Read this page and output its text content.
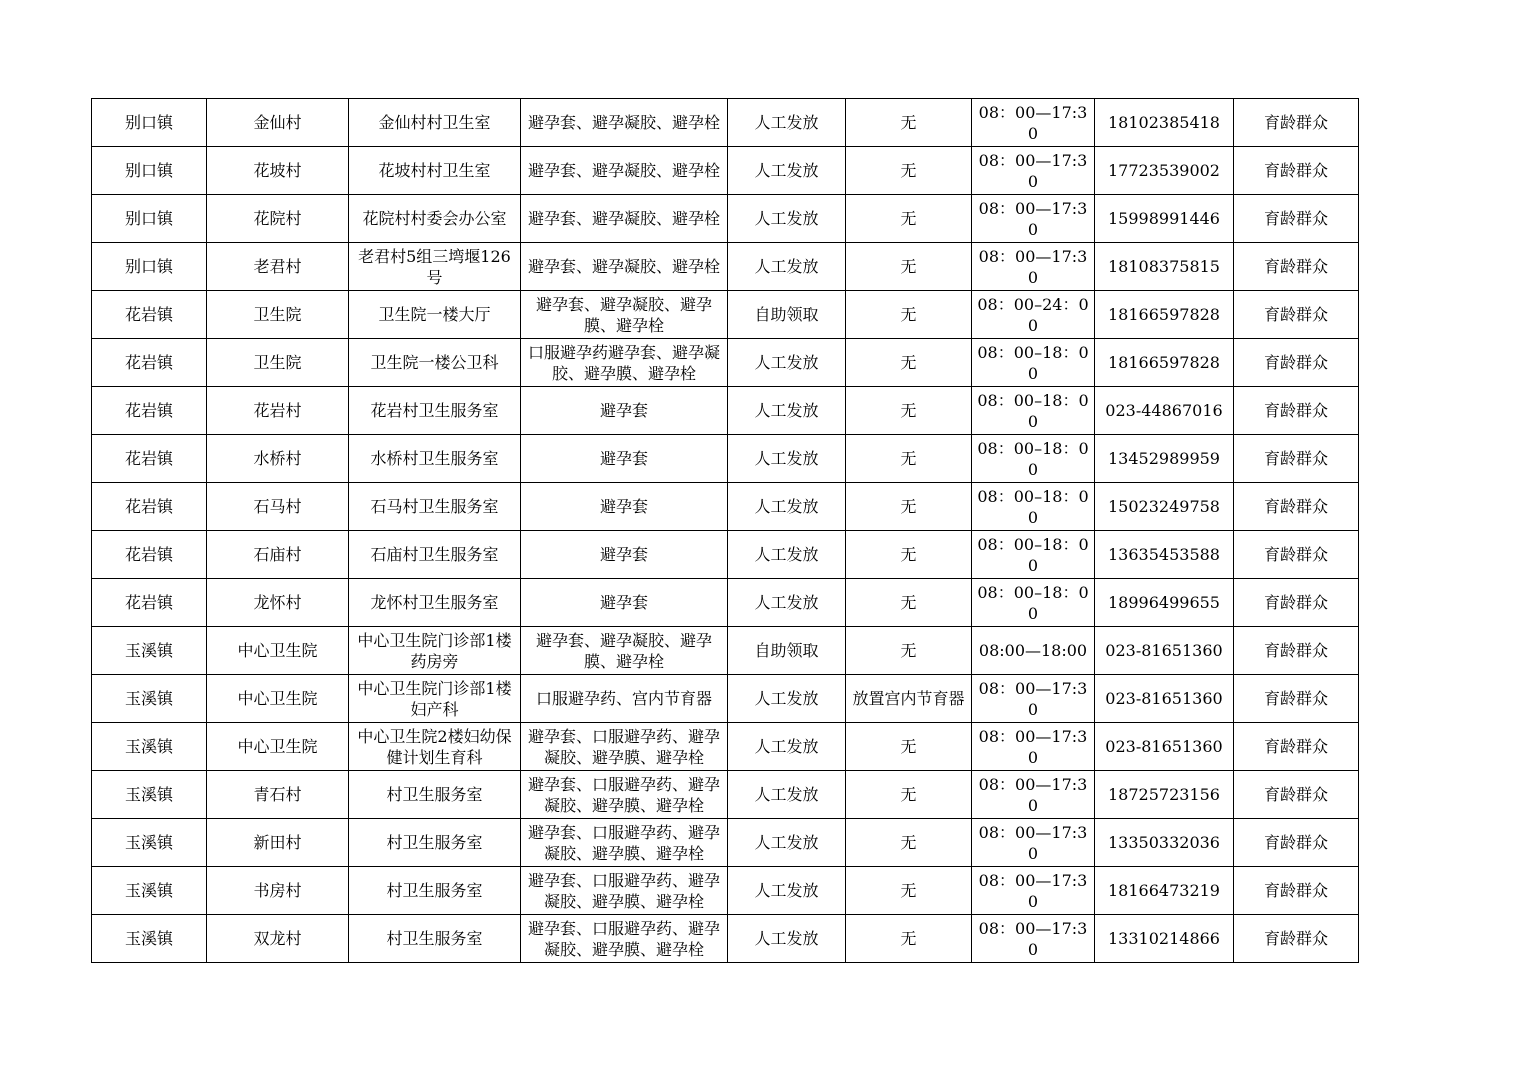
别口镇	金仙村	金仙村村卫生室	避孕套、避孕凝胶、避孕栓	人工发放	无	08：00—17:30	18102385418	育龄群众
别口镇	花坡村	花坡村村卫生室	避孕套、避孕凝胶、避孕栓	人工发放	无	08：00—17:30	17723539002	育龄群众
别口镇	花院村	花院村村委会办公室	避孕套、避孕凝胶、避孕栓	人工发放	无	08：00—17:30	15998991446	育龄群众
别口镇	老君村	老君村5组三塆堰126号	避孕套、避孕凝胶、避孕栓	人工发放	无	08：00—17:30	18108375815	育龄群众
花岩镇	卫生院	卫生院一楼大厅	避孕套、避孕凝胶、避孕膜、避孕栓	自助领取	无	08：00–24：00	18166597828	育龄群众
花岩镇	卫生院	卫生院一楼公卫科	口服避孕药避孕套、避孕凝胶、避孕膜、避孕栓	人工发放	无	08：00–18：00	18166597828	育龄群众
花岩镇	花岩村	花岩村卫生服务室	避孕套	人工发放	无	08：00–18：00	023-44867016	育龄群众
花岩镇	水桥村	水桥村卫生服务室	避孕套	人工发放	无	08：00–18：00	13452989959	育龄群众
花岩镇	石马村	石马村卫生服务室	避孕套	人工发放	无	08：00–18：00	15023249758	育龄群众
花岩镇	石庙村	石庙村卫生服务室	避孕套	人工发放	无	08：00–18：00	13635453588	育龄群众
花岩镇	龙怀村	龙怀村卫生服务室	避孕套	人工发放	无	08：00–18：00	18996499655	育龄群众
玉溪镇	中心卫生院	中心卫生院门诊部1楼药房旁	避孕套、避孕凝胶、避孕膜、避孕栓	自助领取	无	08:00—18:00	023-81651360	育龄群众
玉溪镇	中心卫生院	中心卫生院门诊部1楼妇产科	口服避孕药、宫内节育器	人工发放	放置宫内节育器	08：00—17:30	023-81651360	育龄群众
玉溪镇	中心卫生院	中心卫生院2楼妇幼保健计划生育科	避孕套、口服避孕药、避孕凝胶、避孕膜、避孕栓	人工发放	无	08：00—17:30	023-81651360	育龄群众
玉溪镇	青石村	村卫生服务室	避孕套、口服避孕药、避孕凝胶、避孕膜、避孕栓	人工发放	无	08：00—17:30	18725723156	育龄群众
玉溪镇	新田村	村卫生服务室	避孕套、口服避孕药、避孕凝胶、避孕膜、避孕栓	人工发放	无	08：00—17:30	13350332036	育龄群众
玉溪镇	书房村	村卫生服务室	避孕套、口服避孕药、避孕凝胶、避孕膜、避孕栓	人工发放	无	08：00—17:30	18166473219	育龄群众
玉溪镇	双龙村	村卫生服务室	避孕套、口服避孕药、避孕凝胶、避孕膜、避孕栓	人工发放	无	08：00—17:30	13310214866	育龄群众
